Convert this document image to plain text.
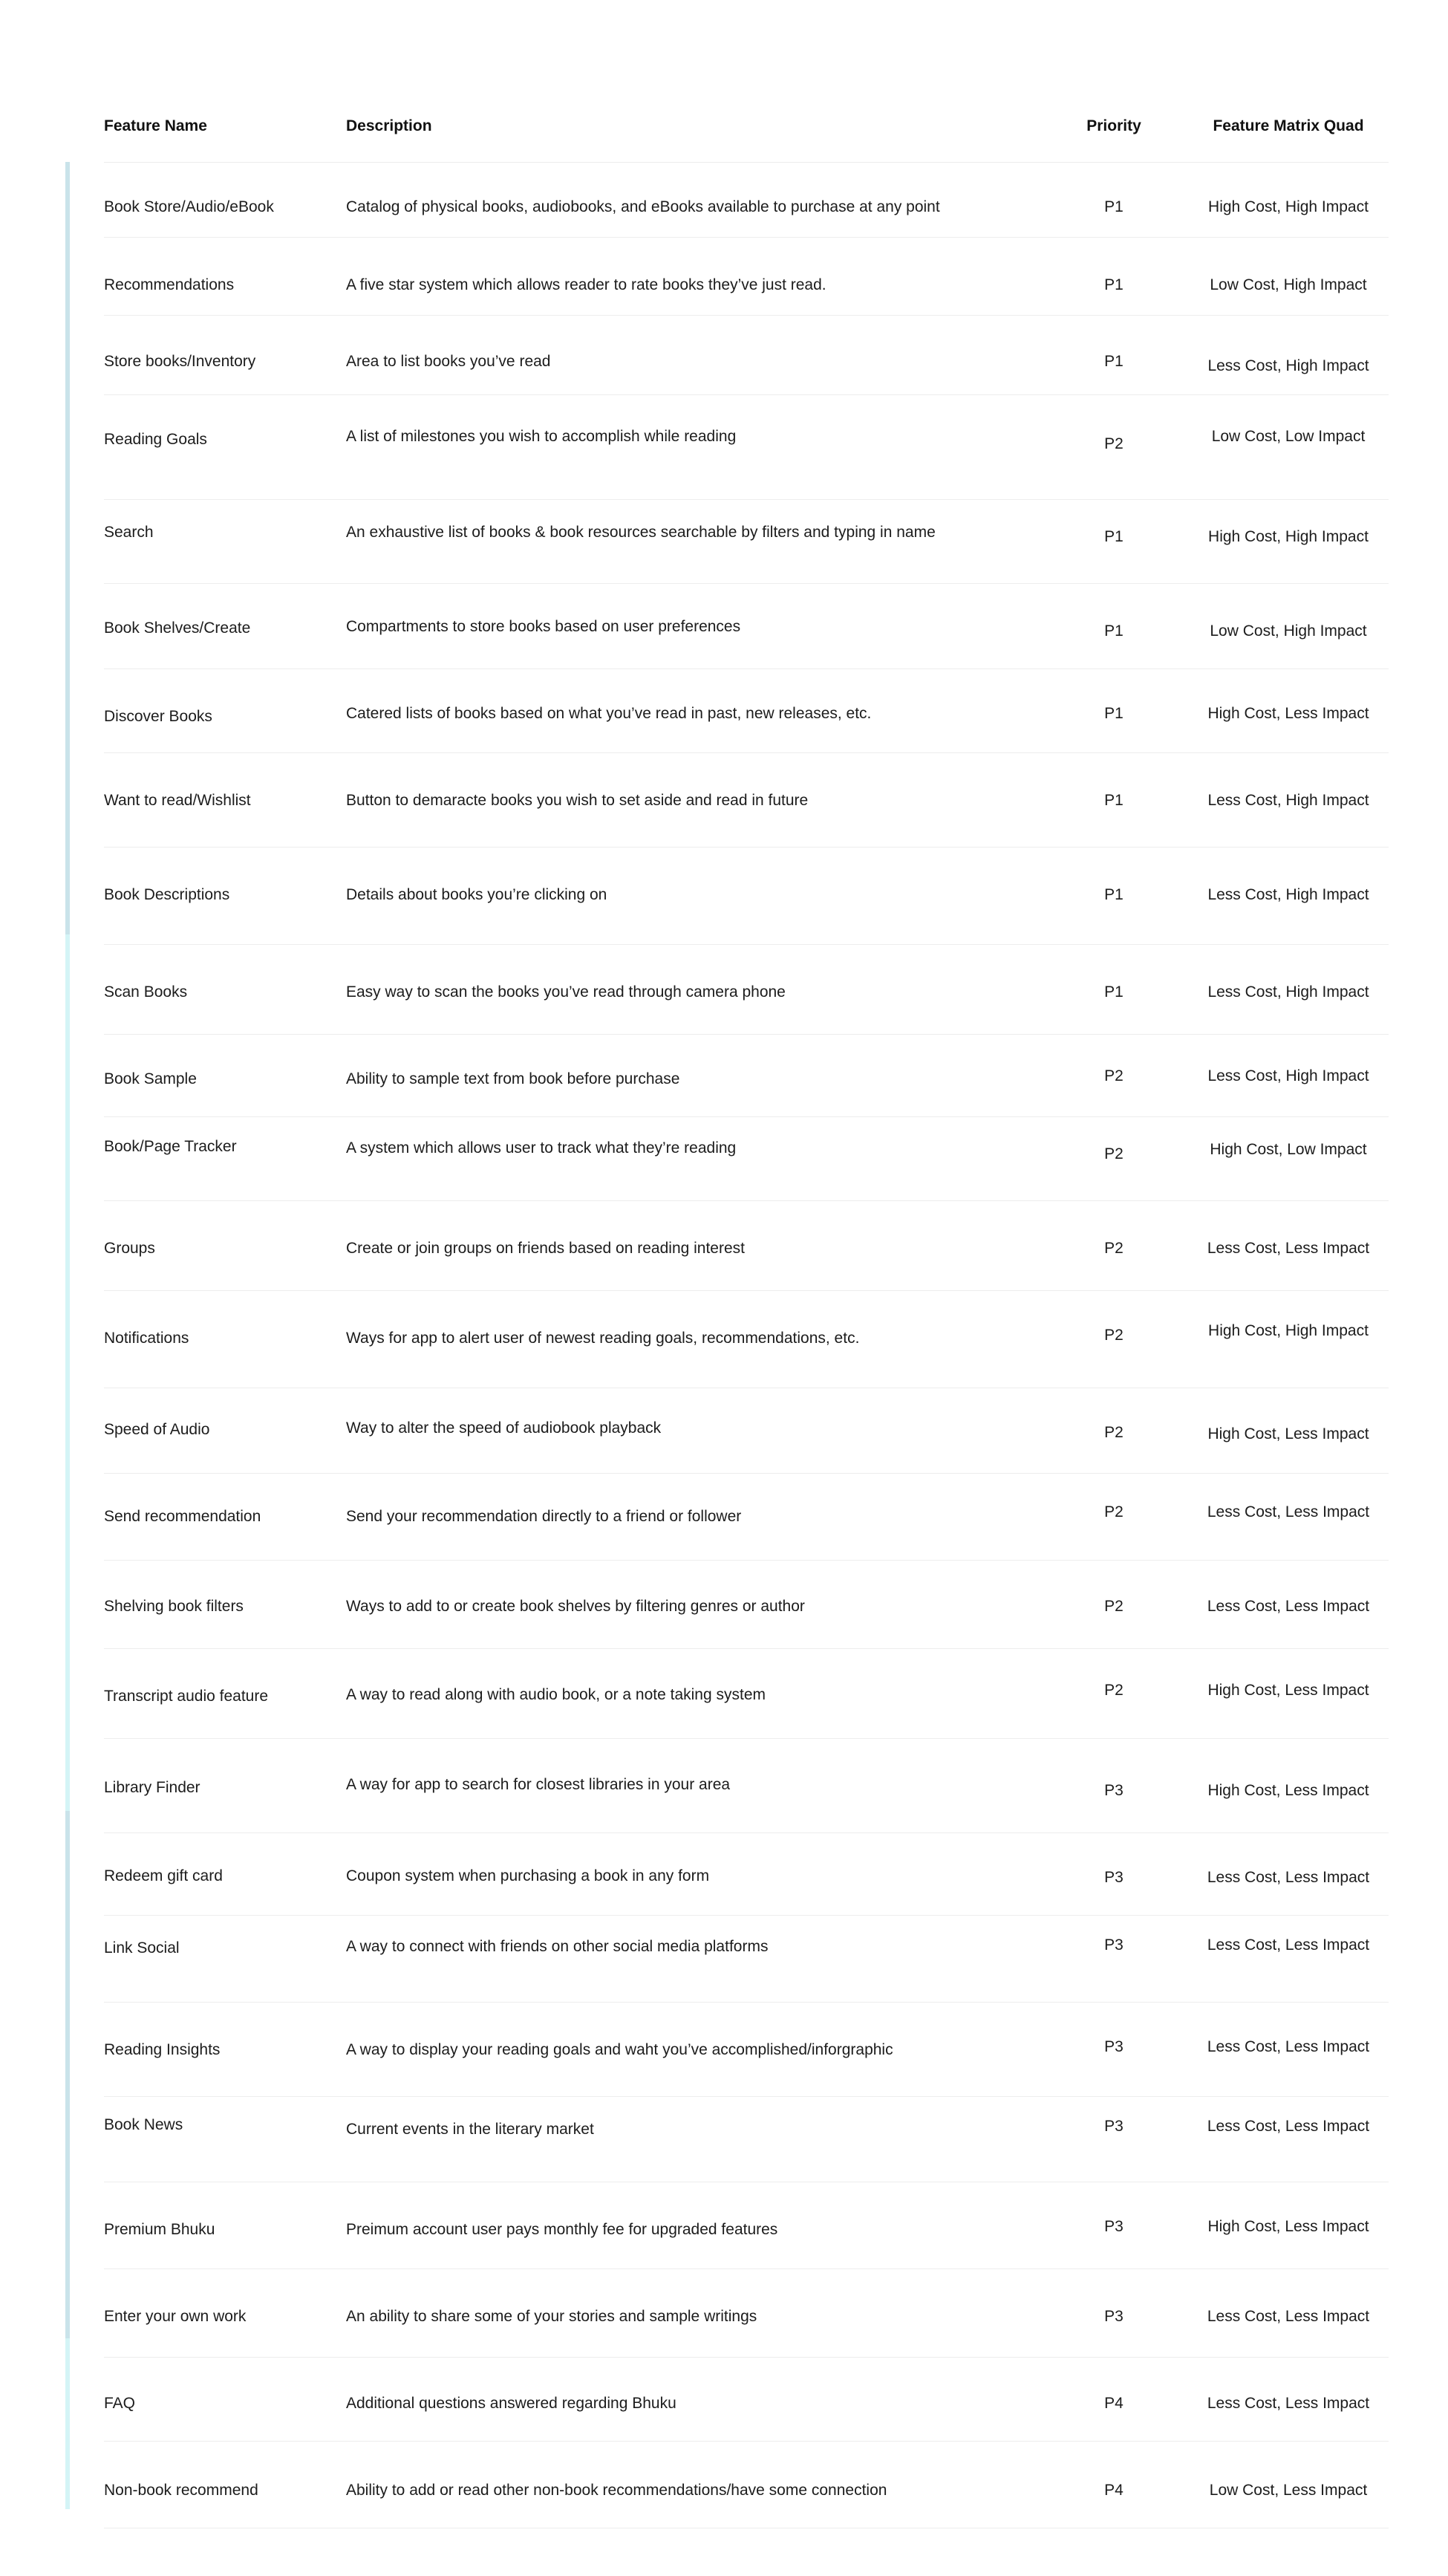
Feature Name	Description	Priority	Feature Matrix Quad
Book Store/Audio/eBook	Catalog of physical books, audiobooks, and eBooks available to purchase at any point	P1	High Cost, High Impact
Recommendations	A five star system which allows reader to rate books they’ve just read.	P1	Low Cost, High Impact
Store books/Inventory	Area to list books you’ve read	P1	Less Cost, High Impact
Reading Goals	A list of milestones you wish to accomplish while reading	P2	Low Cost, Low Impact
Search	An exhaustive list of books & book resources searchable by filters and typing in name	P1	High Cost, High Impact
Book Shelves/Create	Compartments to store books based on user preferences	P1	Low Cost, High Impact
Discover Books	Catered lists of books based on what you’ve read in past, new releases, etc.	P1	High Cost, Less Impact
Want to read/Wishlist	Button to demaracte books you wish to set aside and read in future	P1	Less Cost, High Impact
Book Descriptions	Details about books you’re clicking on	P1	Less Cost, High Impact
Scan Books	Easy way to scan the books you’ve read through camera phone	P1	Less Cost, High Impact
Book Sample	Ability to sample text from book before purchase	P2	Less Cost, High Impact
Book/Page Tracker	A system which allows user to track what they’re reading	P2	High Cost, Low Impact
Groups	Create or join groups on friends based on reading interest	P2	Less Cost, Less Impact
Notifications	Ways for app to alert user of newest reading goals, recommendations, etc.	P2	High Cost, High Impact
Speed of Audio	Way to alter the speed of audiobook playback	P2	High Cost, Less Impact
Send recommendation	Send your recommendation directly to a friend or follower	P2	Less Cost, Less Impact
Shelving book filters	Ways to add to or create book shelves by filtering genres or author	P2	Less Cost, Less Impact
Transcript audio feature	A way to read along with audio book, or a note taking system	P2	High Cost, Less Impact
Library Finder	A way for app to search for closest libraries in your area	P3	High Cost, Less Impact
Redeem gift card	Coupon system when purchasing a book in any form	P3	Less Cost, Less Impact
Link Social	A way to connect with friends on other social media platforms	P3	Less Cost, Less Impact
Reading Insights	A way to display your reading goals and waht you’ve accomplished/inforgraphic	P3	Less Cost, Less Impact
Book News	Current events in the literary market	P3	Less Cost, Less Impact
Premium Bhuku	Preimum account user pays monthly fee for upgraded features	P3	High Cost, Less Impact
Enter your own work	An ability to share some of your stories and sample writings	P3	Less Cost, Less Impact
FAQ	Additional questions answered regarding Bhuku	P4	Less Cost, Less Impact
Non-book recommend	Ability to add or read other non-book recommendations/have some connection	P4	Low Cost, Less Impact
